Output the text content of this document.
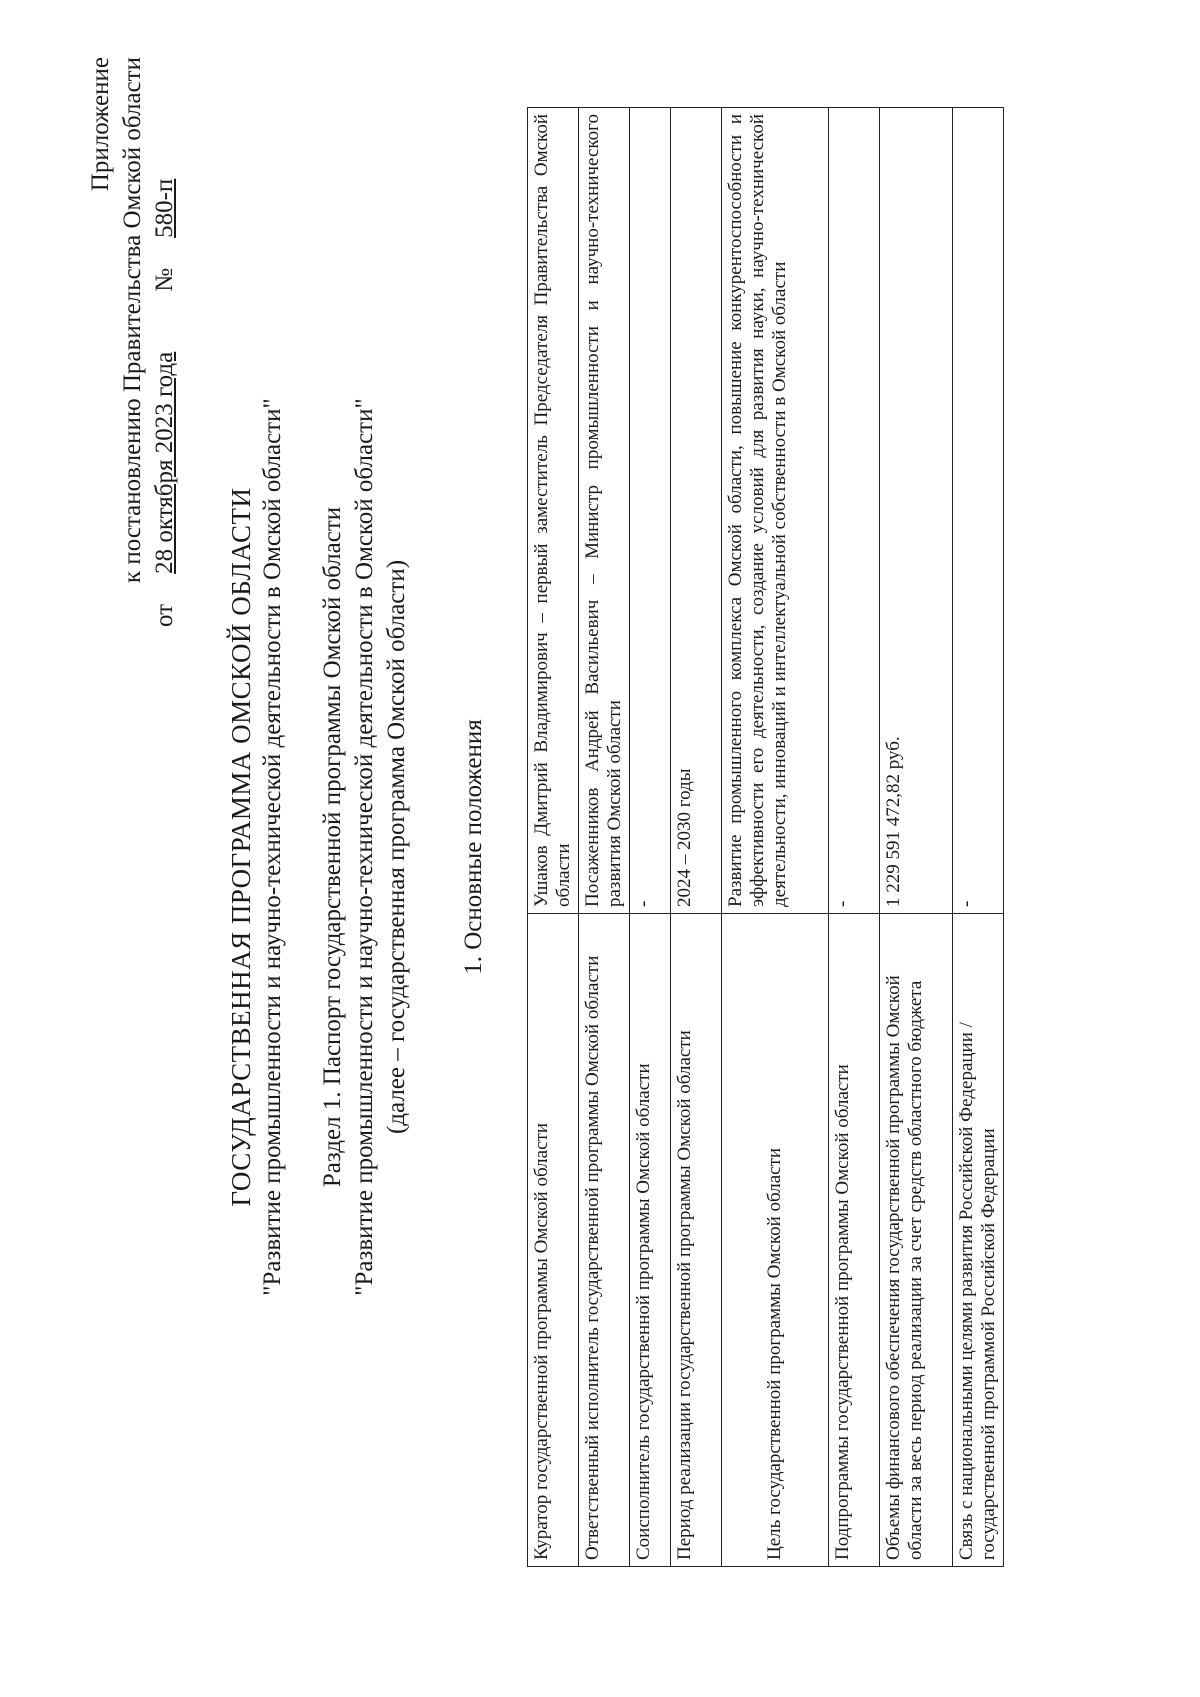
Приложение к постановлению Правительства Омской области
от28 октября 2023 года№580-п
ГОСУДАРСТВЕННАЯ ПРОГРАММА ОМСКОЙ ОБЛАСТИ "Развитие промышленности и научно-технической деятельности в Омской области" Раздел 1. Паспорт государственной программы Омской области "Развитие промышленности и научно-технической деятельности в Омской области" (далее – государственная программа Омской области) 1. Основные положения
Куратор государственной программы Омской области	Ушаков Дмитрий Владимирович – первый заместитель Председателя Правительства Омской области
Ответственный исполнитель государственной программы Омской области	Посаженников Андрей Васильевич – Министр промышленности и научно-технического развития Омской области
Соисполнитель государственной программы Омской области	-
Период реализации государственной программы Омской области	2024 – 2030 годы
Цель государственной программы Омской области	Развитие промышленного комплекса Омской области, повышение конкурентоспособности и эффективности его деятельности, создание условий для развития науки, научно-технической деятельности, инноваций и интеллектуальной собственности в Омской области
Подпрограммы государственной программы Омской области	-
Объемы финансового обеспечения государственной программы Омской области за весь период реализации за счет средств областного бюджета	1 229 591 472,82 руб.
Связь с национальными целями развития Российской Федерации / государственной программой Российской Федерации	-
